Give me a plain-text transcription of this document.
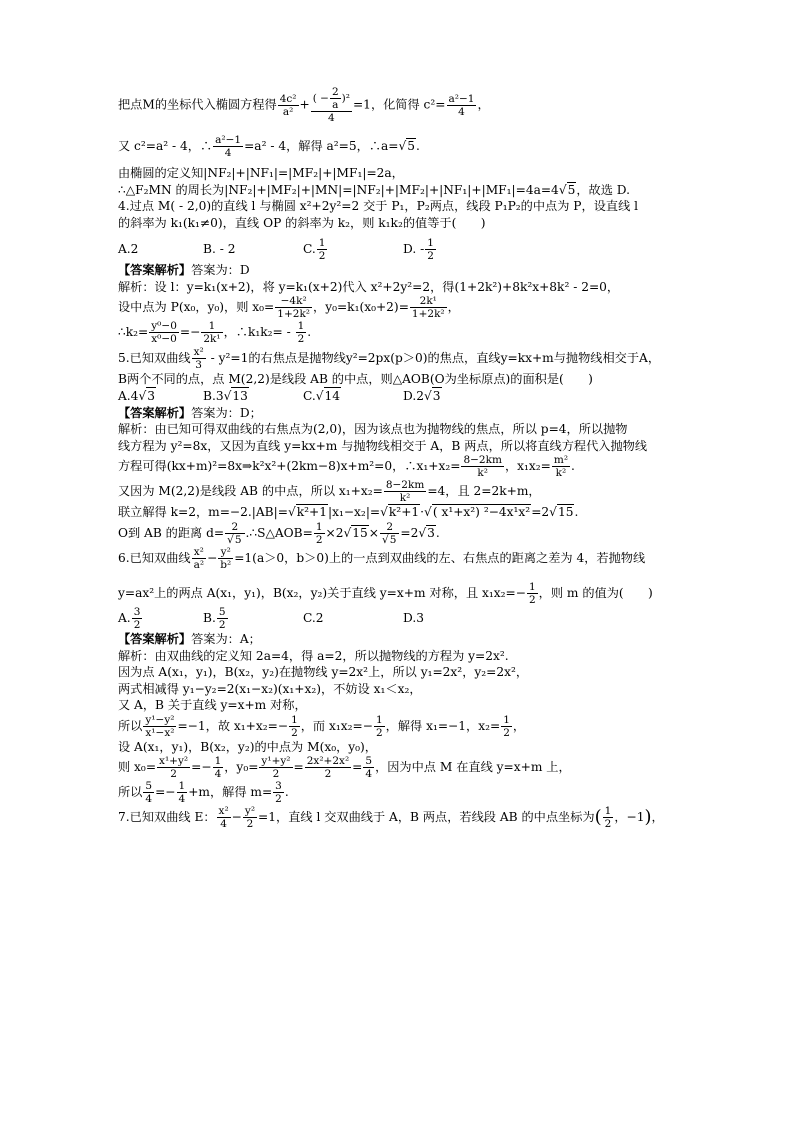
把点M的坐标代入椭圆方程得 $\frac{\text{4c²}}{\text{a²}} + \frac{( - \frac{2}{a} )^2}{4} =1$，化简得 $c^2= \frac{\text{a²−1}}{4}$ ，

又 c²=a² - 4，∴ $\frac{\text{a²−1}}{4} =a^2 - 4$，解得 a²=5，∴a=√5.

由椭圆的定义知|NF₂|+|NF₁|=|MF₂|+|MF₁|=2a，

∴△F₂MN 的周长为|NF₂|+|MF₂|+|MN|=|NF₂|+|MF₂|+|NF₁|+|MF₁|=4a=4√5，故选 D.

4.过点 M( - 2,0)的直线 l 与椭圆 x²+2y²=2 交于 P₁，P₂两点，线段 P₁P₂的中点为 P，设直线 l

的斜率为 k₁(k₁≠0)，直线 OP 的斜率为 k₂，则 k₁k₂的值等于(　　)

A.2	B. - 2	C. $\frac{1}{2}$	D. - $\frac{1}{2}$

【答案解析】答案为：D

解析：设 l：y=k₁(x+2)，将 y=k₁(x+2)代入 x²+2y²=2，得(1+2k²)+8k²x+8k² - 2=0，

设中点为 P(x₀，y₀)，则 $x_0= \frac{\text{−4k²}}{\text{1+2k²}}$ ，$y_0=k_1(x_0+2)= \frac{\text{2k¹}}{\text{1+2k²}}$ ，

∴k₂= $\frac{\text{y⁰−0}}{\text{x⁰−0}} =- \frac{1}{\text{2k¹}}$ ，∴k₁k₂= - $\frac{1}{2}$ .

5.已知双曲线 $\frac{\text{x²}}{3} - y^2=1$的右焦点是抛物线y²=2px(p＞0)的焦点，直线y=kx+m与抛物线相交于A，

B两个不同的点，点 M(2,2)是线段 AB 的中点，则△AOB(O为坐标原点)的面积是(　　)

A.4√3	B.3√13	C.√14	D.2√3

【答案解析】答案为：D；

解析：由已知可得双曲线的右焦点为(2,0)，因为该点也为抛物线的焦点，所以 p=4，所以抛物

线方程为 y²=8x，又因为直线 y=kx+m 与抛物线相交于 A，B 两点，所以将直线方程代入抛物线

方程可得(kx+m)²=8x⇒k²x²+(2km−8)x+m²=0，∴x₁+x₂= $\frac{8-2km}{\text{k²}}$ ，$x_1x_2= \frac{\text{m²}}{\text{k²}}$ .

又因为 M(2,2)是线段 AB 的中点，所以 $x_1+x_2= \frac{8-2km}{\text{k²}} =4$，且 2=2k+m，

联立解得 k=2，m=−2.|AB|=√k²+1|x₁−x₂|=√k²+1·√( x¹+x²) ²−4x¹x²=2√15.

O到 AB 的距离 $d= \frac{2}{√5}$ .∴S△AOB= $\frac{1}{2} \times 2√15\times \frac{2}{√5} =2√3$.

6.已知双曲线 $\frac{\text{x²}}{\text{a²}} - \frac{\text{y²}}{\text{b²}} =1(a>0$，b＞0)上的一点到双曲线的左、右焦点的距离之差为 4，若抛物线

y=ax²上的两点 A(x₁，y₁)，B(x₂，y₂)关于直线 y=x+m 对称，且 $x_1x_2=- \frac{1}{2}$ ，则 m 的值为(　　)

A. $\frac{3}{2}$	B. $\frac{5}{2}$	C.2	D.3

【答案解析】答案为：A；

解析：由双曲线的定义知 2a=4，得 a=2，所以抛物线的方程为 y=2x².

因为点 A(x₁，y₁)，B(x₂，y₂)在抛物线 y=2x²上，所以 y₁=2x²，y₂=2x²，

两式相减得 y₁−y₂=2(x₁−x₂)(x₁+x₂)，不妨设 x₁＜x₂，

又 A，B 关于直线 y=x+m 对称，

所以 $\frac{\text{y¹−y²}}{\text{x¹−x²}} =-1$，故 $x_1+x_2=- \frac{1}{2}$ ，而 $x_1x_2=- \frac{1}{2}$ ，解得 x₁=−1，$x_2= \frac{1}{2}$ ，

设 A(x₁，y₁)，B(x₂，y₂)的中点为 M(x₀，y₀)，

则 $x_0= \frac{\text{x¹+y²}}{2} =- \frac{1}{4}$ ，$y_0= \frac{\text{y¹+y²}}{2} = \frac{\text{2x²+2x²}}{2} = \frac{5}{4}$ ，因为中点 M 在直线 y=x+m 上，

所以 $\frac{5}{4} =- \frac{1}{4} +m$，解得 $m= \frac{3}{2}$ .

7.已知双曲线 E： $\frac{\text{x²}}{4} - \frac{\text{y²}}{2} =1$，直线 l 交双曲线于 A，B 两点，若线段 AB 的中点坐标为( $\frac{1}{2}$ ，−1)，
